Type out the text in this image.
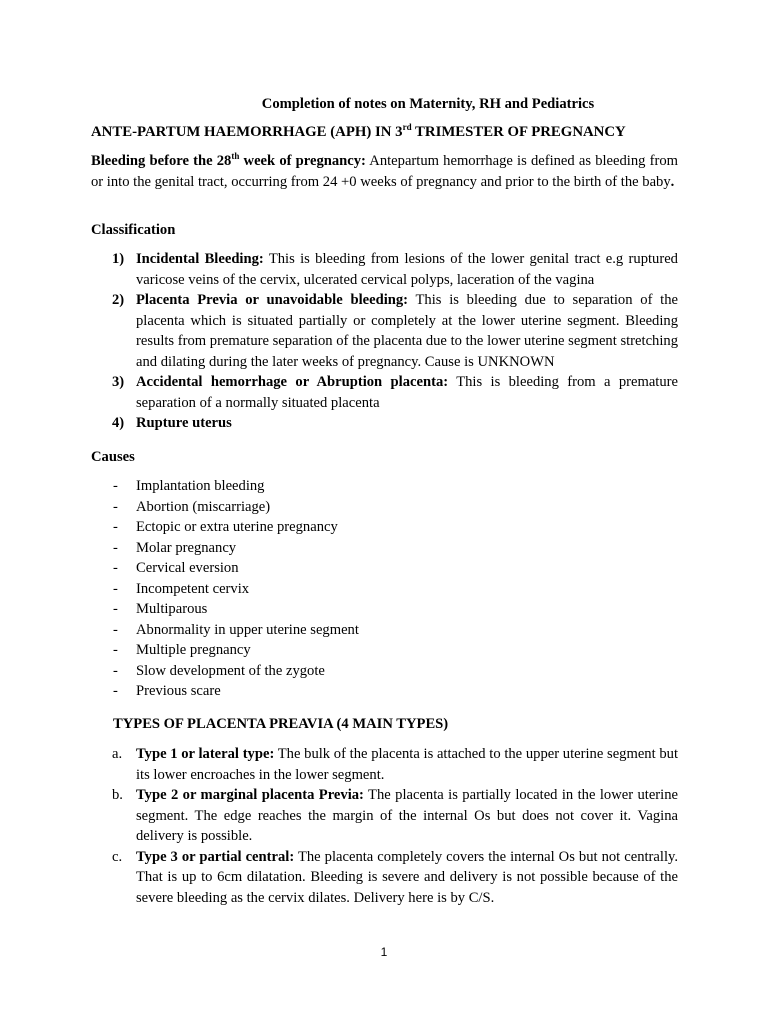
Completion of notes on Maternity, RH and Pediatrics
ANTE-PARTUM HAEMORRHAGE (APH) IN 3rd TRIMESTER OF PREGNANCY
Bleeding before the 28th week of pregnancy: Antepartum hemorrhage is defined as bleeding from or into the genital tract, occurring from 24 +0 weeks of pregnancy and prior to the birth of the baby.
Classification
1) Incidental Bleeding: This is bleeding from lesions of the lower genital tract e.g ruptured varicose veins of the cervix, ulcerated cervical polyps, laceration of the vagina
2) Placenta Previa or unavoidable bleeding: This is bleeding due to separation of the placenta which is situated partially or completely at the lower uterine segment. Bleeding results from premature separation of the placenta due to the lower uterine segment stretching and dilating during the later weeks of pregnancy. Cause is UNKNOWN
3) Accidental hemorrhage or Abruption placenta: This is bleeding from a premature separation of a normally situated placenta
4) Rupture uterus
Causes
- Implantation bleeding
- Abortion (miscarriage)
- Ectopic or extra uterine pregnancy
- Molar pregnancy
- Cervical eversion
- Incompetent cervix
- Multiparous
- Abnormality in upper uterine segment
- Multiple pregnancy
- Slow development of the zygote
- Previous scare
TYPES OF PLACENTA PREAVIA (4 MAIN TYPES)
a. Type 1 or lateral type: The bulk of the placenta is attached to the upper uterine segment but its lower encroaches in the lower segment.
b. Type 2 or marginal placenta Previa: The placenta is partially located in the lower uterine segment. The edge reaches the margin of the internal Os but does not cover it. Vagina delivery is possible.
c. Type 3 or partial central: The placenta completely covers the internal Os but not centrally. That is up to 6cm dilatation. Bleeding is severe and delivery is not possible because of the severe bleeding as the cervix dilates. Delivery here is by C/S.
1
